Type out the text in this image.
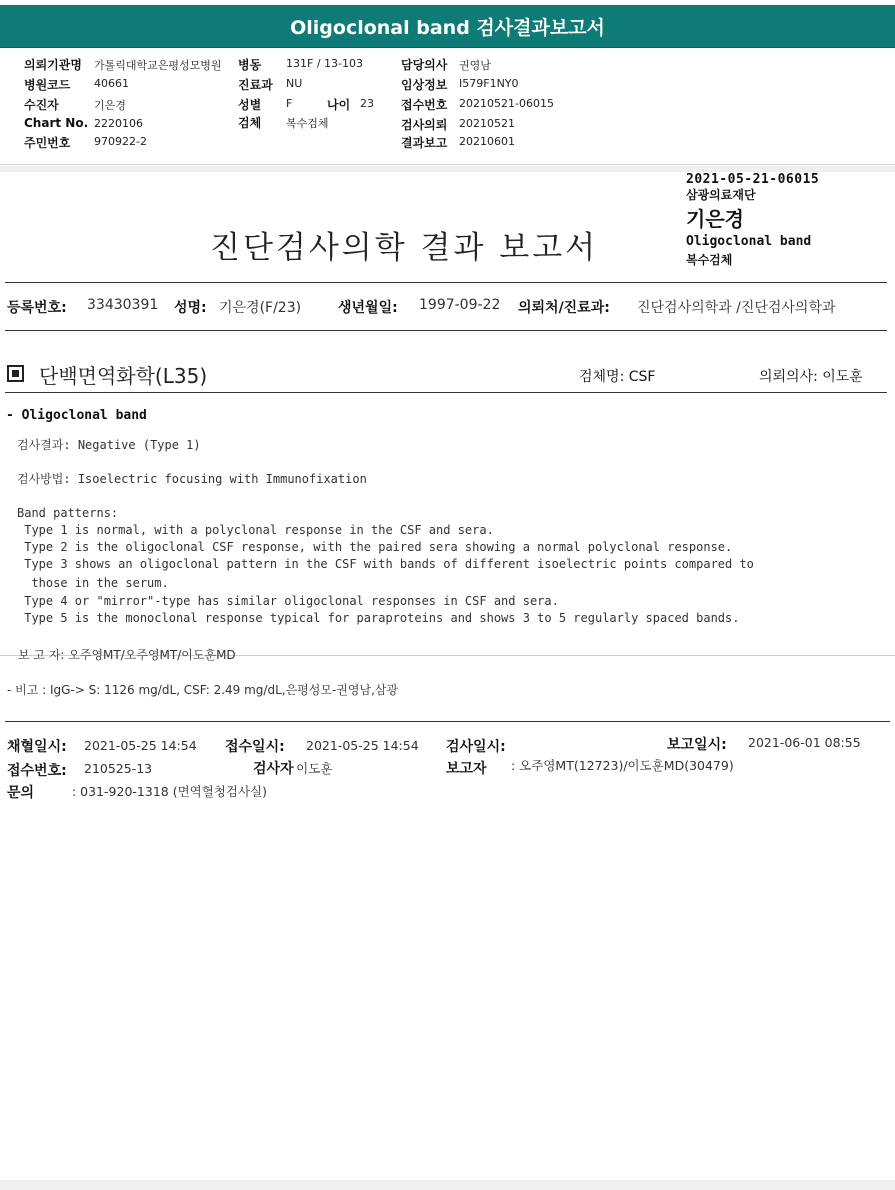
Oligoclonal band 검사결과보고서
의뢰기관명 가톨릭대학교은평성모병원 병동 131F / 13-103	담당의사 권영남
병원코드 40661	진료과 NU	임상정보 I579F1NY0
수진자	기은경	성별 F	나이 23 접수번호 20210521-06015
Chart No. 2220106	검체 복수검체	검사의뢰 20210521
주민번호 970922-2	결과보고 20210601
진단검사의학 결과 보고서
2021-05-21-06015
삼광의료재단
기은경
Oligoclonal band
복수검체
등록번호: 33430391 성명: 기은경(F/23)	생년월일: 1997-09-22 의뢰처/진료과: 진단검사의학과 /진단검사의학과
단백면역화학(L35)	검체명: CSF	의뢰의사: 이도훈
- Oligoclonal band
검사결과: Negative (Type 1)
검사방법: Isoelectric focusing with Immunofixation
Band patterns:
Type 1 is normal, with a polyclonal response in the CSF and sera.
Type 2 is the oligoclonal CSF response, with the paired sera showing a normal polyclonal response.
Type 3 shows an oligoclonal pattern in the CSF with bands of different isoelectric points compared to
those in the serum.
Type 4 or "mirror"-type has similar oligoclonal responses in CSF and sera.
Type 5 is the monoclonal response typical for paraproteins and shows 3 to 5 regularly spaced bands.
보 고 자: 오주영MT/오주영MT/이도훈MD
- 비고 : IgG-> S: 1126 mg/dL, CSF: 2.49 mg/dL,은평성모-권영남,삼광
채혈일시: 2021-05-25 14:54 접수일시: 2021-05-25 14:54 검사일시:	보고일시: 2021-06-01 08:55
접수번호: 210525-13	검사자
: 이도훈	보고자 : 오주영MT(12723)/이도훈MD(30479)
문의	: 031-920-1318 (면역혈청검사실)
